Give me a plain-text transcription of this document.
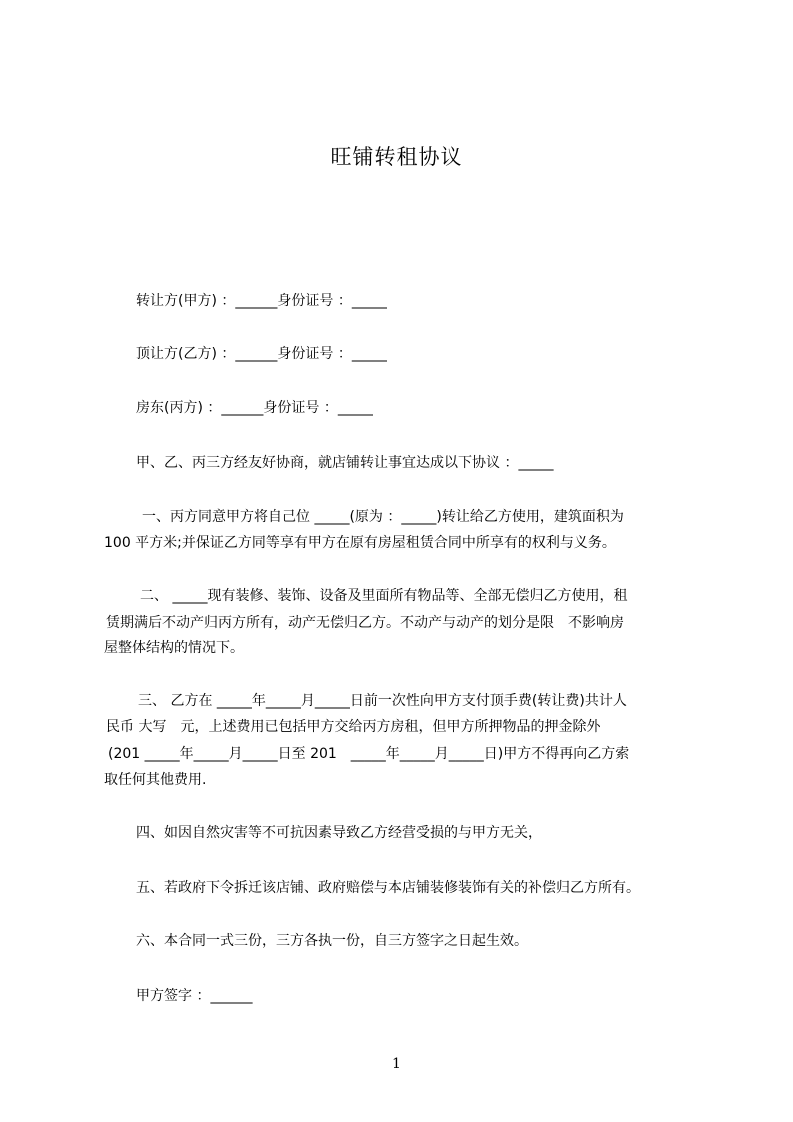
旺铺转租协议
转让方(甲方) ：______身份证号 ：_____
顶让方(乙方) ：______身份证号 ：_____
房东(丙方) ：______身份证号 ：_____
甲、乙、丙三方经友好协商，就店铺转让事宜达成以下协议 ：_____
一、丙方同意甲方将自己位 _____(原为 ：_____)转让给乙方使用，建筑面积为
100 平方米;并保证乙方同等享有甲方在原有房屋租赁合同中所享有的权利与义务。
二、 _____现有装修、装饰、设备及里面所有物品等、全部无偿归乙方使用，租
赁期满后不动产归丙方所有，动产无偿归乙方。不动产与动产的划分是限　不影响房
屋整体结构的情况下。
三、 乙方在 _____年_____月_____日前一次性向甲方支付顶手费(转让费)共计人
民币 大写　元，上述费用已包括甲方交给丙方房租，但甲方所押物品的押金除外
(201 _____年_____月_____日至 201　_____年_____月_____日)甲方不得再向乙方索
取任何其他费用.
四、如因自然灾害等不可抗因素导致乙方经营受损的与甲方无关，
五、若政府下令拆迁该店铺、政府赔偿与本店铺装修装饰有关的补偿归乙方所有。
六、本合同一式三份，三方各执一份，自三方签字之日起生效。
甲方签字 ：______
1
